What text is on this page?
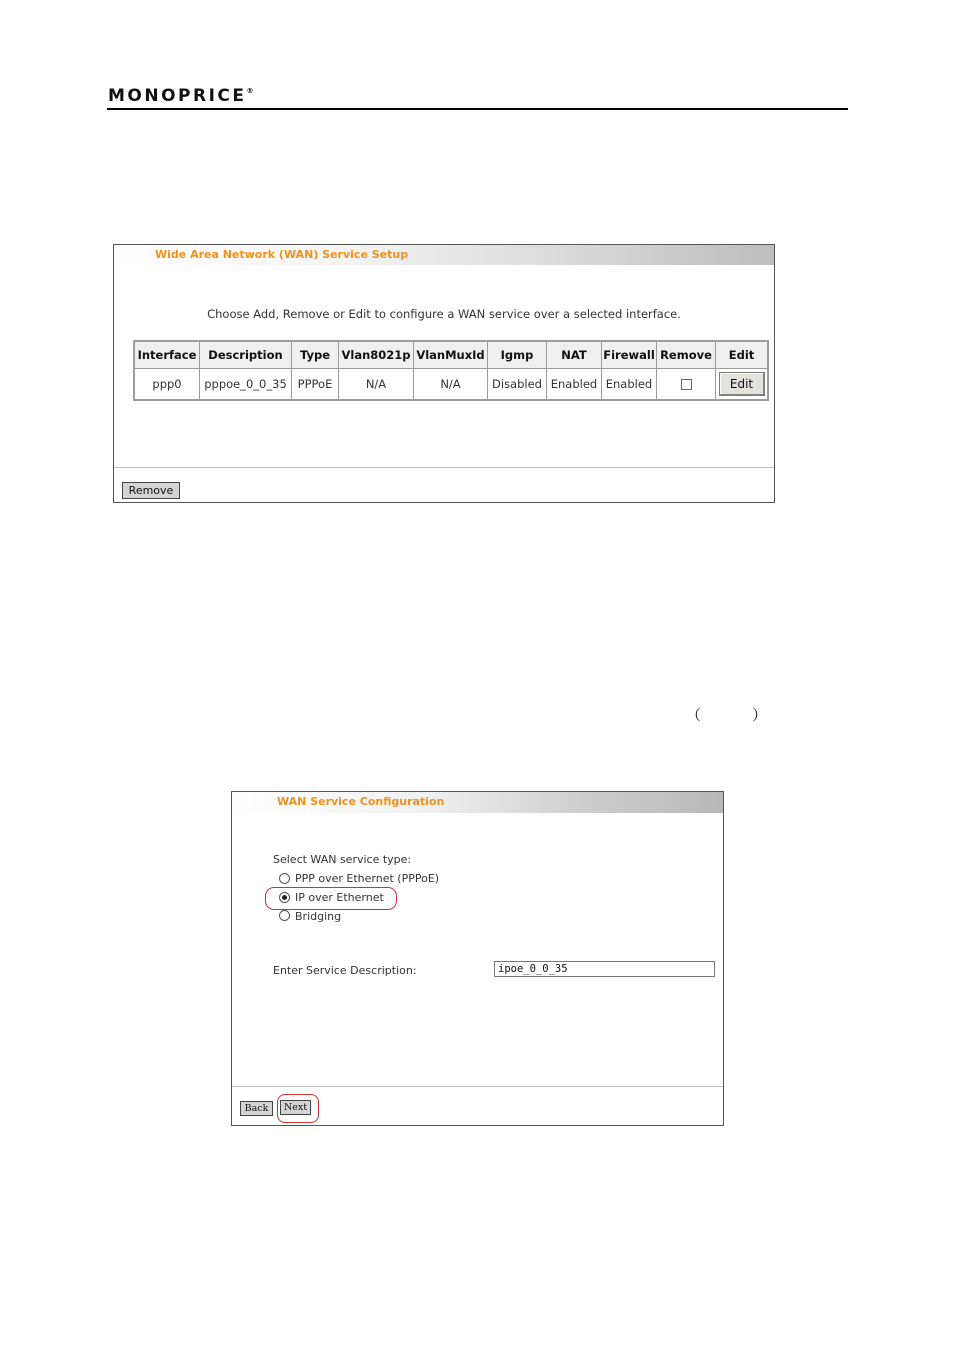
MONOPRICE®
Wide Area Network (WAN) Service Setup
Choose Add, Remove or Edit to configure a WAN service over a selected interface.
Interface	Description	Type	Vlan8021p	VlanMuxId	Igmp	NAT	Firewall	Remove	Edit
ppp0	pppoe_0_0_35	PPPoE	N/A	N/A	Disabled	Enabled	Enabled		Edit
Remove
（	）
WAN Service Configuration
Select WAN service type:
PPP over Ethernet (PPPoE)
IP over Ethernet
Bridging
Enter Service Description:	ipoe_0_0_35
Back	Next
